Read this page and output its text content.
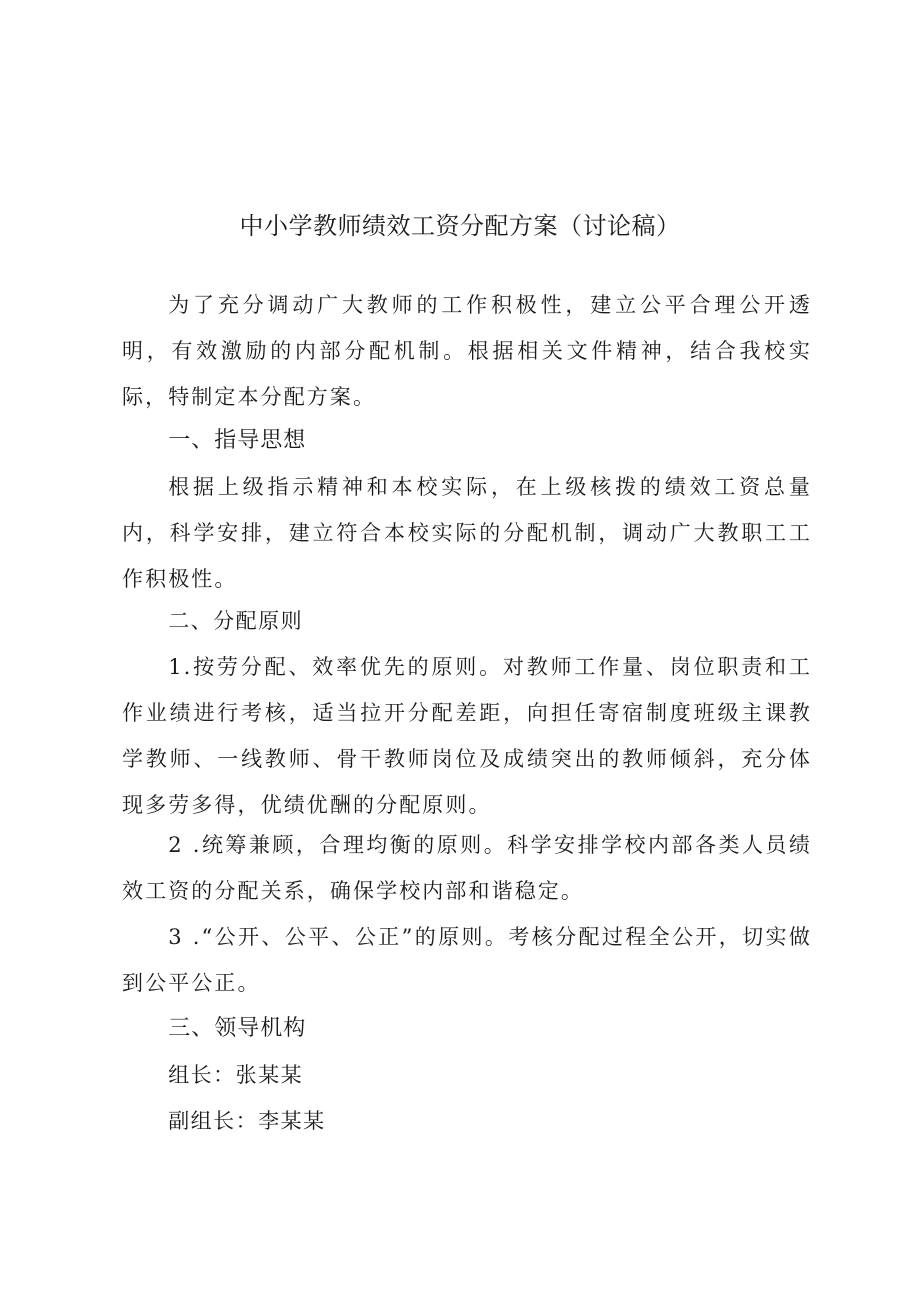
中小学教师绩效工资分配方案（讨论稿）

为了充分调动广大教师的工作积极性，建立公平合理公开透明，有效激励的内部分配机制。根据相关文件精神，结合我校实际，特制定本分配方案。

一、指导思想

根据上级指示精神和本校实际，在上级核拨的绩效工资总量内，科学安排，建立符合本校实际的分配机制，调动广大教职工工作积极性。

二、分配原则

1.按劳分配、效率优先的原则。对教师工作量、岗位职责和工作业绩进行考核，适当拉开分配差距，向担任寄宿制度班级主课教学教师、一线教师、骨干教师岗位及成绩突出的教师倾斜，充分体现多劳多得，优绩优酬的分配原则。

2 .统筹兼顾，合理均衡的原则。科学安排学校内部各类人员绩效工资的分配关系，确保学校内部和谐稳定。

3 .“公开、公平、公正”的原则。考核分配过程全公开，切实做到公平公正。

三、领导机构

组长：张某某

副组长：李某某
